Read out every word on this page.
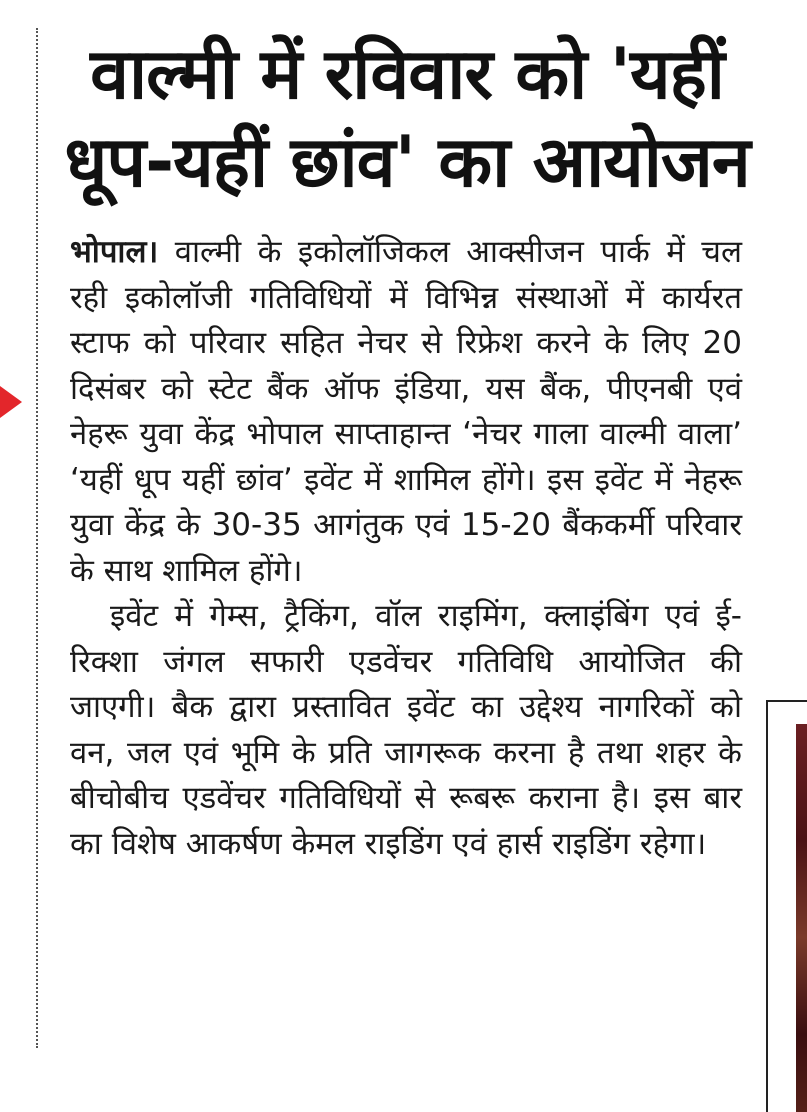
वाल्मी में रविवार को 'यहीं
धूप-यहीं छांव' का आयोजन

भोपाल। वाल्मी के इकोलॉजिकल आक्सीजन पार्क में चल रही इकोलॉजी गतिविधियों में विभिन्न संस्थाओं में कार्यरत स्टाफ को परिवार सहित नेचर से रिफ्रेश करने के लिए 20 दिसंबर को स्टेट बैंक ऑफ इंडिया, यस बैंक, पीएनबी एवं नेहरू युवा केंद्र भोपाल साप्ताहान्त ‘नेचर गाला वाल्मी वाला’ ‘यहीं धूप यहीं छांव’ इवेंट में शामिल होंगे। इस इवेंट में नेहरू युवा केंद्र के 30-35 आगंतुक एवं 15-20 बैंककर्मी परिवार के साथ शामिल होंगे।

इवेंट में गेम्स, ट्रैकिंग, वॉल राइमिंग, क्लाइंबिंग एवं ई-रिक्शा जंगल सफारी एडवेंचर गतिविधि आयोजित की जाएगी। बैक द्वारा प्रस्तावित इवेंट का उद्देश्य नागरिकों को वन, जल एवं भूमि के प्रति जागरूक करना है तथा शहर के बीचोबीच एडवेंचर गतिविधियों से रूबरू कराना है। इस बार का विशेष आकर्षण केमल राइडिंग एवं हार्स राइडिंग रहेगा।
